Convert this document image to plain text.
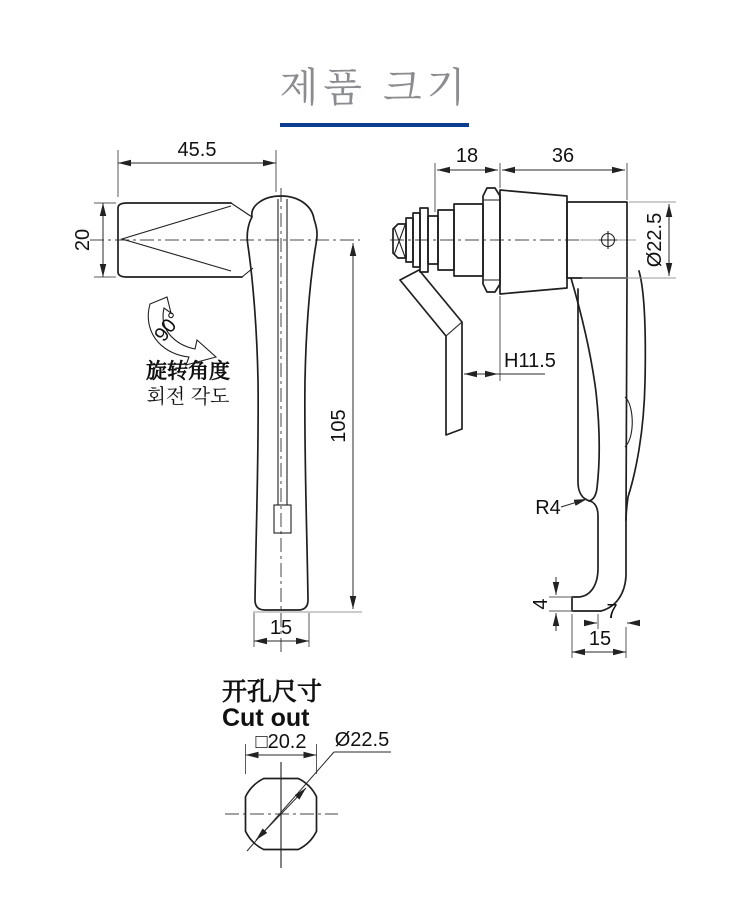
제품 크기
45.5
20
105
15
90°
旋转角度
회전 각도
18	36
Ø22.5
H11.5
R4
4	7
15
开孔尺寸
Cut out
□20.2 Ø22.5
